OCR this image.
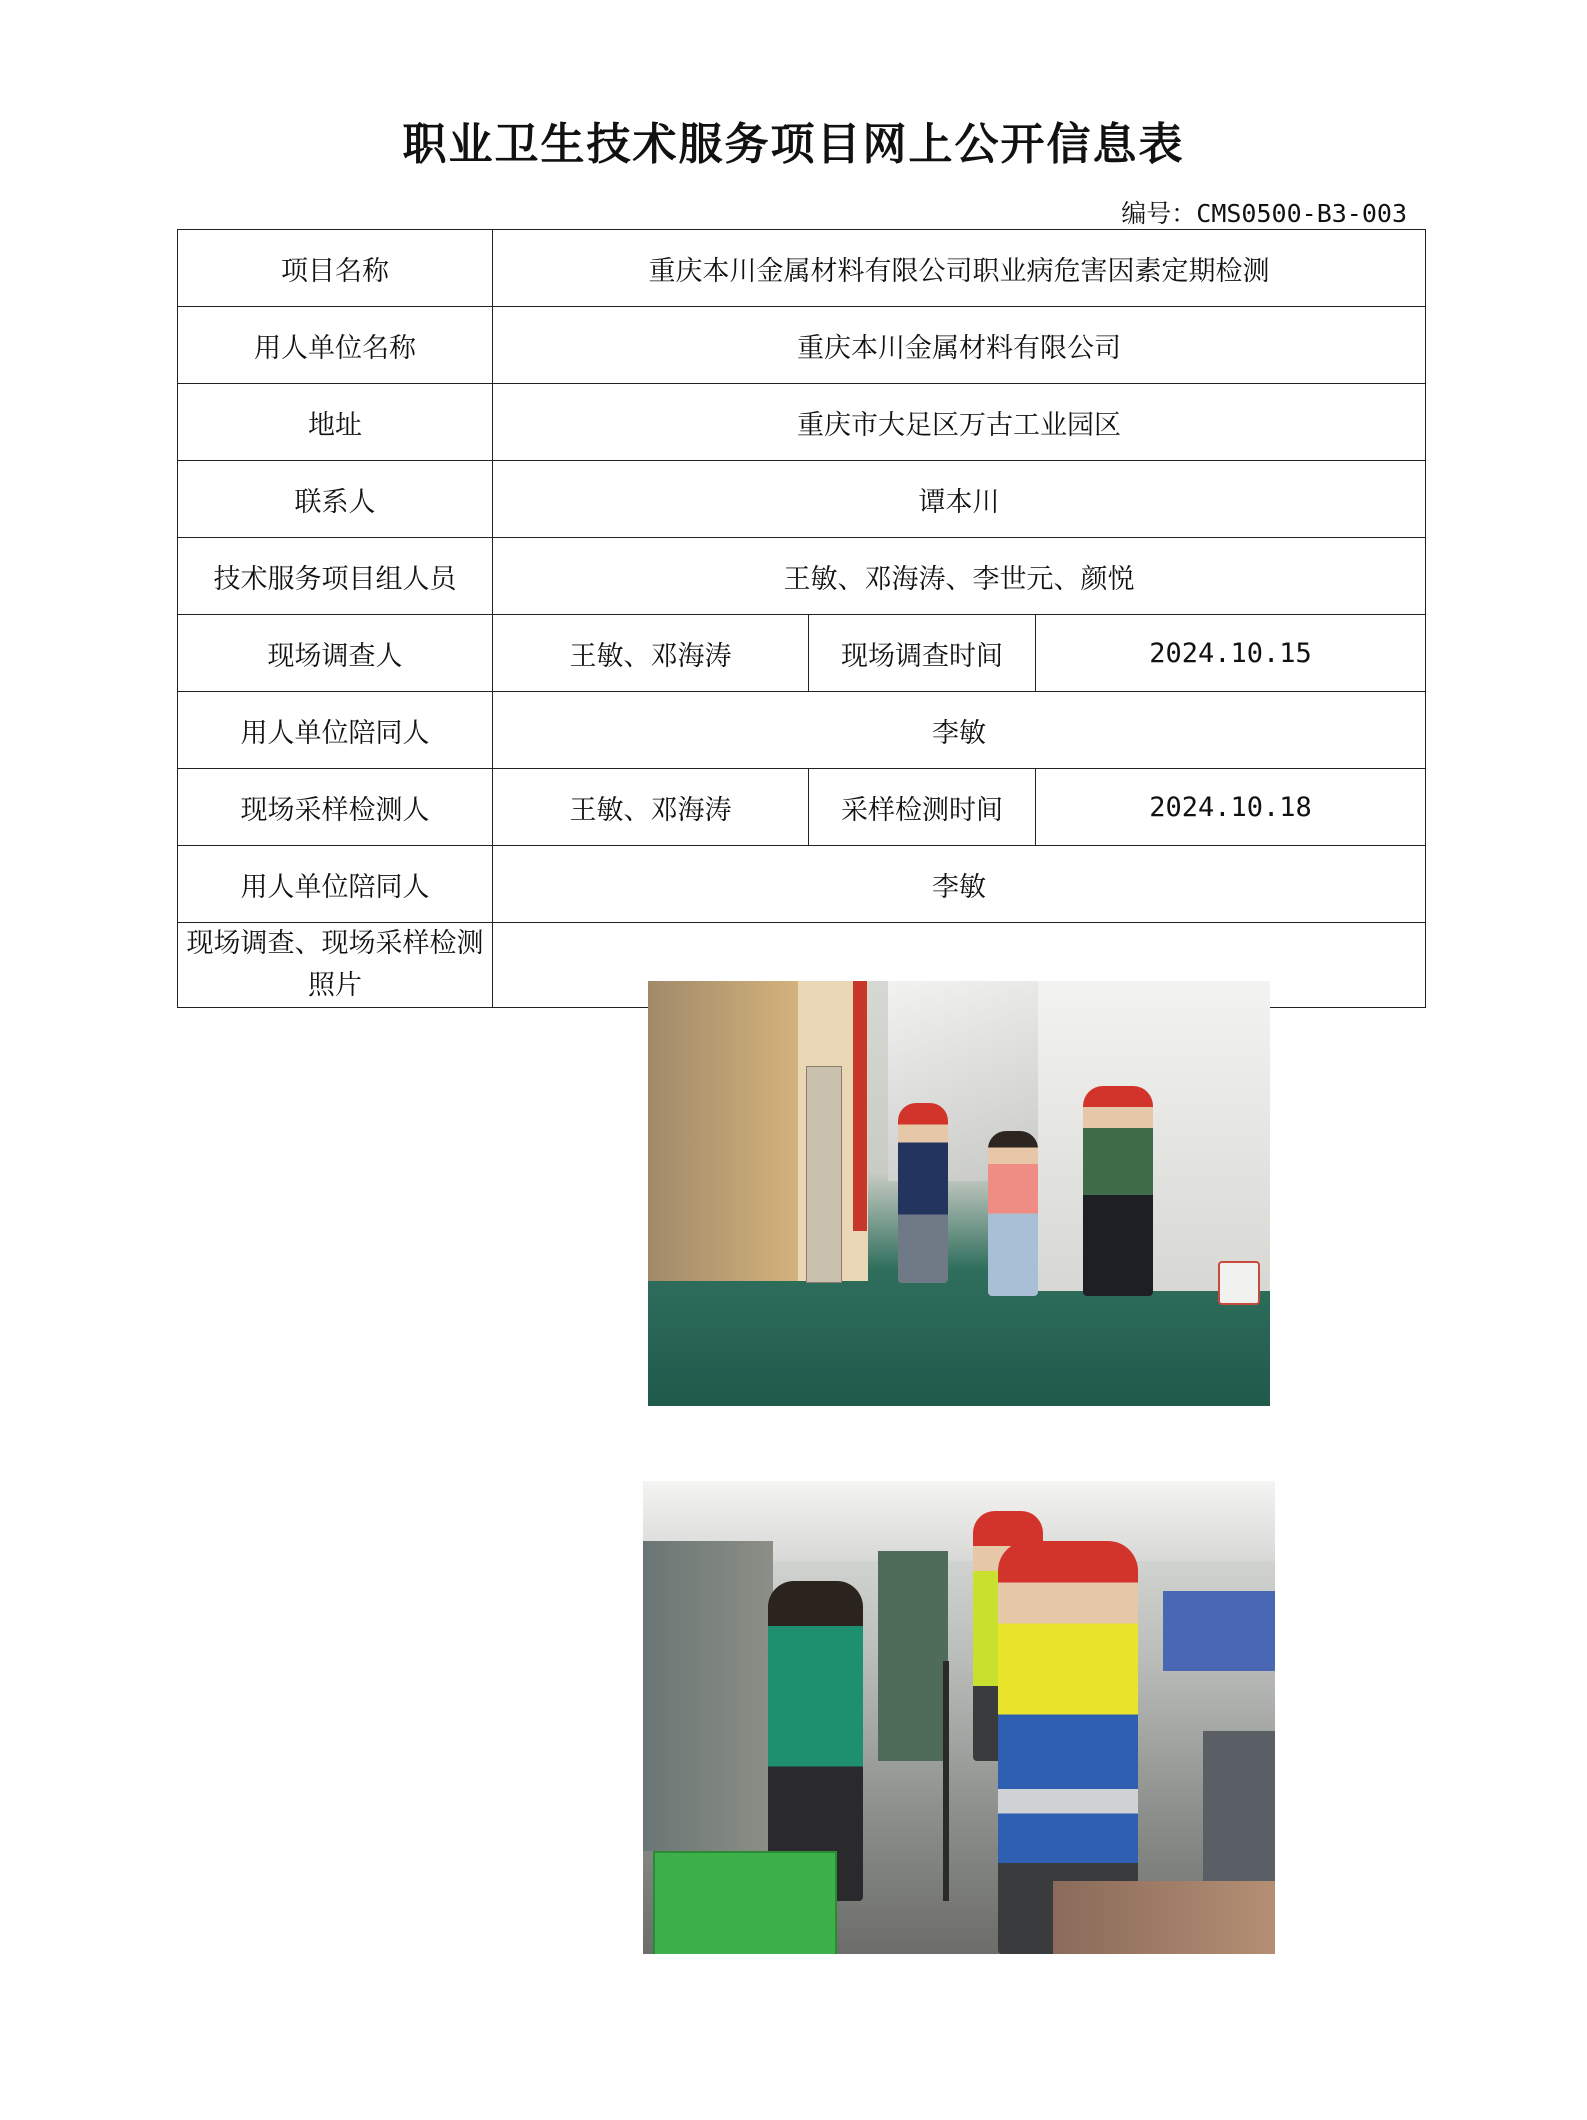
职业卫生技术服务项目网上公开信息表
编号：CMS0500-B3-003
项目名称	重庆本川金属材料有限公司职业病危害因素定期检测		
用人单位名称	重庆本川金属材料有限公司		
地址	重庆市大足区万古工业园区		
联系人	谭本川		
技术服务项目组人员	王敏、邓海涛、李世元、颜悦		
现场调查人	王敏、邓海涛	现场调查时间	2024.10.15
用人单位陪同人	李敏		
现场采样检测人	王敏、邓海涛	采样检测时间	2024.10.18
用人单位陪同人	李敏		
现场调查、现场采样检测照片			
